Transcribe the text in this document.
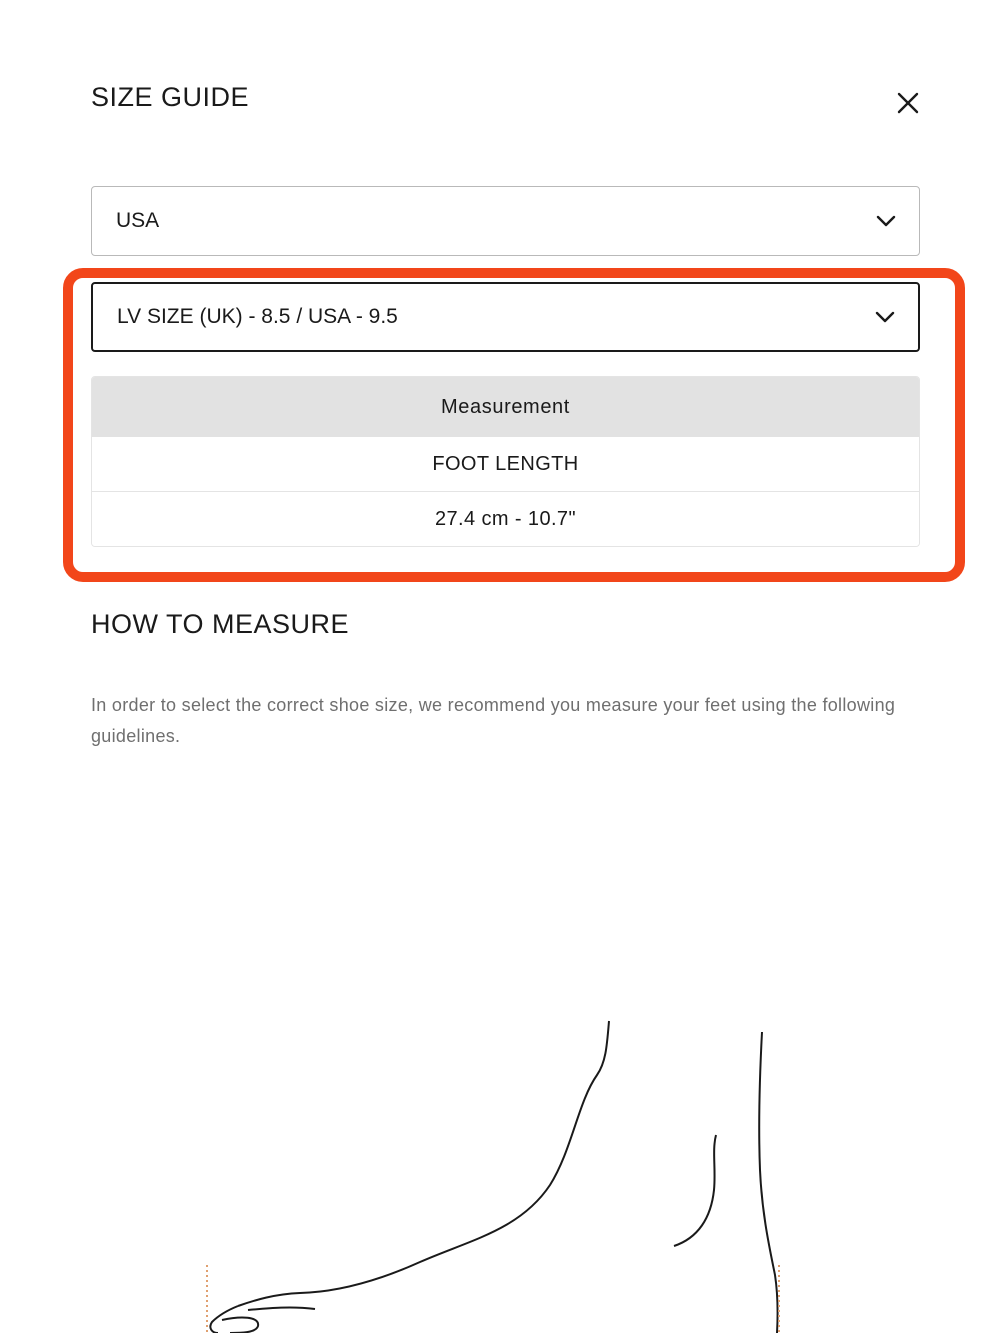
SIZE GUIDE
USA
LV SIZE (UK) - 8.5 / USA - 9.5
Measurement
FOOT LENGTH
27.4 cm - 10.7"
HOW TO MEASURE
In order to select the correct shoe size, we recommend you measure your feet using the following guidelines.
